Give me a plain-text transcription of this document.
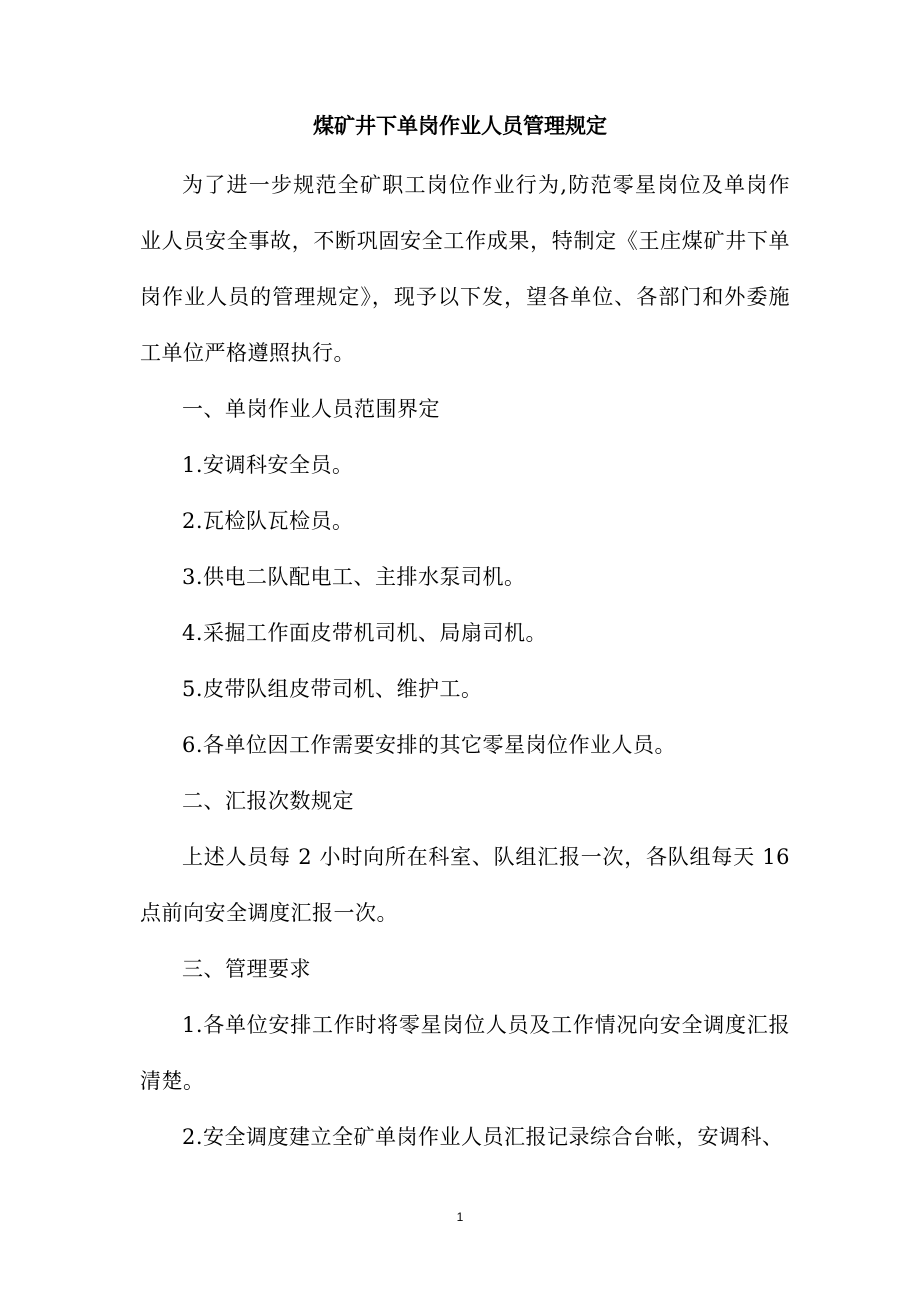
煤矿井下单岗作业人员管理规定
为了进一步规范全矿职工岗位作业行为,防范零星岗位及单岗作业人员安全事故，不断巩固安全工作成果，特制定《王庄煤矿井下单岗作业人员的管理规定》，现予以下发，望各单位、各部门和外委施工单位严格遵照执行。
一、单岗作业人员范围界定
1.安调科安全员。
2.瓦检队瓦检员。
3.供电二队配电工、主排水泵司机。
4.采掘工作面皮带机司机、局扇司机。
5.皮带队组皮带司机、维护工。
6.各单位因工作需要安排的其它零星岗位作业人员。
二、汇报次数规定
上述人员每 2 小时向所在科室、队组汇报一次，各队组每天 16 点前向安全调度汇报一次。
三、管理要求
1.各单位安排工作时将零星岗位人员及工作情况向安全调度汇报清楚。
2.安全调度建立全矿单岗作业人员汇报记录综合台帐，安调科、
1
